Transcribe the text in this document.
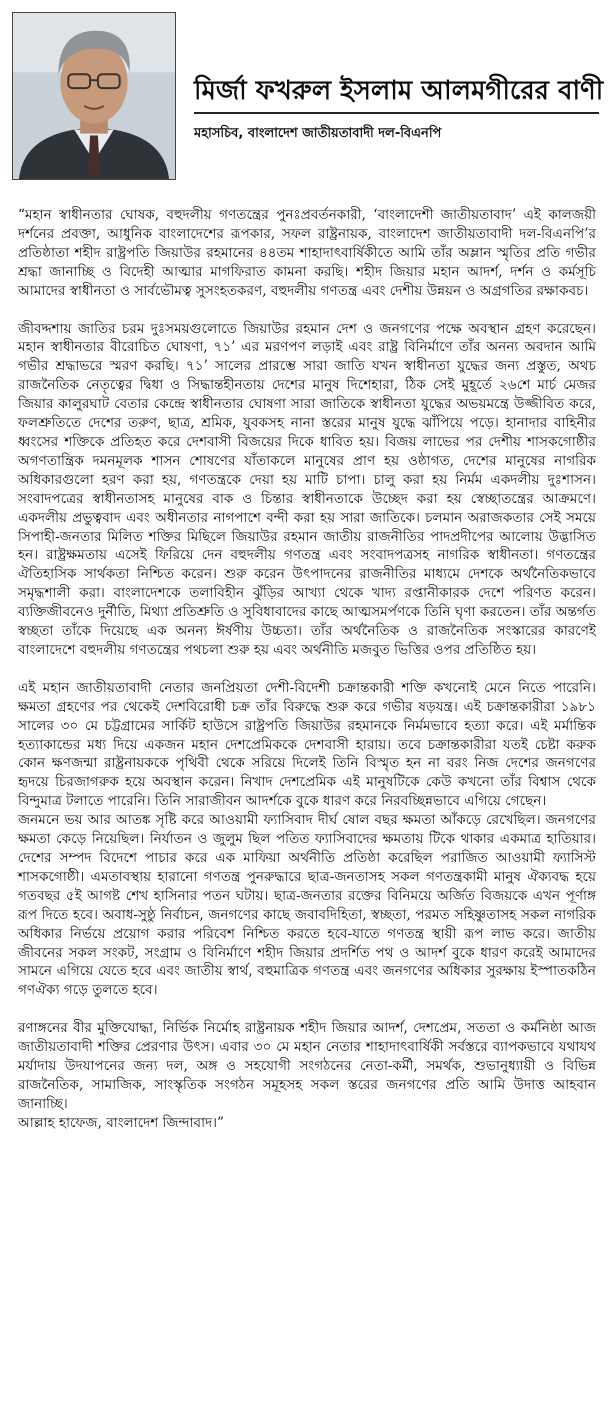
মির্জা ফখরুল ইসলাম আলমগীরের বাণী

মহাসচিব, বাংলাদেশ জাতীয়তাবাদী দল-বিএনপি

“মহান স্বাধীনতার ঘোষক, বহুদলীয় গণতন্ত্রের পুনঃপ্রবর্তনকারী, ‘বাংলাদেশী জাতীয়তাবাদ’ এই কালজয়ী দর্শনের প্রবক্তা, আধুনিক বাংলাদেশের রূপকার, সফল রাষ্ট্রনায়ক, বাংলাদেশ জাতীয়তাবাদী দল-বিএনপি’র প্রতিষ্ঠাতা শহীদ রাষ্ট্রপতি জিয়াউর রহমানের ৪৪তম শাহাদাৎবার্ষিকীতে আমি তাঁর অম্লান স্মৃতির প্রতি গভীর শ্রদ্ধা জানাচ্ছি ও বিদেহী আত্মার মাগফিরাত কামনা করছি। শহীদ জিয়ার মহান আদর্শ, দর্শন ও কর্মসূচি আমাদের স্বাধীনতা ও সার্বভৌমত্ব সুসংহতকরণ, বহুদলীয় গণতন্ত্র এবং দেশীয় উন্নয়ন ও অগ্রগতির রক্ষাকবচ।

জীবদ্দশায় জাতির চরম দুঃসময়গুলোতে জিয়াউর রহমান দেশ ও জনগণের পক্ষে অবস্থান গ্রহণ করেছেন। মহান স্বাধীনতার বীরোচিত ঘোষণা, ৭১’ এর মরণপণ লড়াই এবং রাষ্ট্র বিনির্মাণে তাঁর অনন্য অবদান আমি গভীর শ্রদ্ধাভরে স্মরণ করছি। ৭১’ সালের প্রারম্ভে সারা জাতি যখন স্বাধীনতা যুদ্ধের জন্য প্রস্তুত, অথচ রাজনৈতিক নেতৃত্বের দ্বিধা ও সিদ্ধান্তহীনতায় দেশের মানুষ দিশেহারা, ঠিক সেই মুহূর্তে ২৬শে মার্চ মেজর জিয়ার কালুরঘাট বেতার কেন্দ্রে স্বাধীনতার ঘোষণা সারা জাতিকে স্বাধীনতা যুদ্ধের অভয়মন্ত্রে উজ্জীবিত করে, ফলশ্রুতিতে দেশের তরুণ, ছাত্র, শ্রমিক, যুবকসহ নানা স্তরের মানুষ যুদ্ধে ঝাঁপিয়ে পড়ে। হানাদার বাহিনীর ধ্বংসের শক্তিকে প্রতিহত করে দেশবাসী বিজয়ের দিকে ধাবিত হয়। বিজয় লাভের পর দেশীয় শাসকগোষ্ঠীর অগণতান্ত্রিক দমনমূলক শাসন শোষণের যাঁতাকলে মানুষের প্রাণ হয় ওষ্ঠাগত, দেশের মানুষের নাগরিক অধিকারগুলো হরণ করা হয়, গণতন্ত্রকে দেয়া হয় মাটি চাপা। চালু করা হয় নির্মম একদলীয় দুঃশাসন। সংবাদপত্রের স্বাধীনতাসহ মানুষের বাক ও চিন্তার স্বাধীনতাকে উচ্ছেদ করা হয় স্বেচ্ছাতন্ত্রের আক্রমণে। একদলীয় প্রভুত্ববাদ এবং অধীনতার নাগপাশে বন্দী করা হয় সারা জাতিকে। চলমান অরাজকতার সেই সময়ে সিপাহী-জনতার মিলিত শক্তির মিছিলে জিয়াউর রহমান জাতীয় রাজনীতির পাদপ্রদীপের আলোয় উদ্ভাসিত হন। রাষ্ট্রক্ষমতায় এসেই ফিরিয়ে দেন বহুদলীয় গণতন্ত্র এবং সংবাদপত্রসহ নাগরিক স্বাধীনতা। গণতন্ত্রের ঐতিহাসিক সার্থকতা নিশ্চিত করেন। শুরু করেন উৎপাদনের রাজনীতির মাধ্যমে দেশকে অর্থনৈতিকভাবে সমৃদ্ধশালী করা। বাংলাদেশকে তলাবিহীন ঝুঁড়ির আখ্যা থেকে খাদ্য রপ্তানীকারক দেশে পরিণত করেন। ব্যক্তিজীবনেও দুর্নীতি, মিথ্যা প্রতিশ্রুতি ও সুবিধাবাদের কাছে আত্মসমর্পণকে তিনি ঘৃণা করতেন। তাঁর অন্তর্গত স্বচ্ছতা তাঁকে দিয়েছে এক অনন্য ঈর্ষণীয় উচ্চতা। তাঁর অর্থনৈতিক ও রাজনৈতিক সংস্কারের কারণেই বাংলাদেশে বহুদলীয় গণতন্ত্রের পথচলা শুরু হয় এবং অর্থনীতি মজবুত ভিত্তির ওপর প্রতিষ্ঠিত হয়।

এই মহান জাতীয়তাবাদী নেতার জনপ্রিয়তা দেশী-বিদেশী চক্রান্তকারী শক্তি কখনোই মেনে নিতে পারেনি। ক্ষমতা গ্রহণের পর থেকেই দেশবিরোধী চক্র তাঁর বিরুদ্ধে শুরু করে গভীর ষড়যন্ত্র। এই চক্রান্তকারীরা ১৯৮১ সালের ৩০ মে চট্টগ্রামের সার্কিট হাউসে রাষ্ট্রপতি জিয়াউর রহমানকে নির্মমভাবে হত্যা করে। এই মর্মান্তিক হত্যাকান্ডের মধ্য দিয়ে একজন মহান দেশপ্রেমিককে দেশবাসী হারায়। তবে চক্রান্তকারীরা যতই চেষ্টা করুক কোন ক্ষণজন্মা রাষ্ট্রনায়ককে পৃথিবী থেকে সরিয়ে দিলেই তিনি বিস্মৃত হন না বরং নিজ দেশের জনগণের হৃদয়ে চিরজাগরুক হয়ে অবস্থান করেন। নিখাদ দেশপ্রেমিক এই মানুষটিকে কেউ কখনো তাঁর বিশ্বাস থেকে বিন্দুমাত্র টলাতে পারেনি। তিনি সারাজীবন আদর্শকে বুকে ধারণ করে নিরবচ্ছিন্নভাবে এগিয়ে গেছেন।

জনমনে ভয় আর আতঙ্ক সৃষ্টি করে আওয়ামী ফ্যাসিবাদ দীর্ঘ ষোল বছর ক্ষমতা আঁকড়ে রেখেছিল। জনগণের ক্ষমতা কেড়ে নিয়েছিল। নির্যাতন ও জুলুম ছিল পতিত ফ্যাসিবাদের ক্ষমতায় টিকে থাকার একমাত্র হাতিয়ার। দেশের সম্পদ বিদেশে পাচার করে এক মাফিয়া অর্থনীতি প্রতিষ্ঠা করেছিল পরাজিত আওয়ামী ফ্যাসিস্ট শাসকগোষ্ঠী। এমতাবস্থায় হারানো গণতন্ত্র পুনরুদ্ধারে ছাত্র-জনতাসহ সকল গণতন্ত্রকামী মানুষ ঐক্যবদ্ধ হয়ে গতবছর ৫ই আগষ্ট শেখ হাসিনার পতন ঘটায়। ছাত্র-জনতার রক্তের বিনিময়ে অর্জিত বিজয়কে এখন পূর্ণাঙ্গ রূপ দিতে হবে। অবাধ-সুষ্ঠু নির্বাচন, জনগণের কাছে জবাবদিহিতা, স্বচ্ছতা, পরমত সহিষ্ণুতাসহ সকল নাগরিক অধিকার নির্ভয়ে প্রয়োগ করার পরিবেশ নিশ্চিত করতে হবে-যাতে গণতন্ত্র স্থায়ী রূপ লাভ করে। জাতীয় জীবনের সকল সংকট, সংগ্রাম ও বিনির্মাণে শহীদ জিয়ার প্রদর্শিত পথ ও আদর্শ বুকে ধারণ করেই আমাদের সামনে এগিয়ে যেতে হবে এবং জাতীয় স্বার্থ, বহুমাত্রিক গণতন্ত্র এবং জনগণের অধিকার সুরক্ষায় ইস্পাতকঠিন গণঐক্য গড়ে তুলতে হবে।

রণাঙ্গনের বীর মুক্তিযোদ্ধা, নির্ভিক নির্মোহ রাষ্ট্রনায়ক শহীদ জিয়ার আদর্শ, দেশপ্রেম, সততা ও কর্মনিষ্ঠা আজ জাতীয়তাবাদী শক্তির প্রেরণার উৎস। এবার ৩০ মে মহান নেতার শাহাদাৎবার্ষিকী সর্বস্তরে ব্যাপকভাবে যথাযথ মর্যাদায় উদযাপনের জন্য দল, অঙ্গ ও সহযোগী সংগঠনের নেতা-কর্মী, সমর্থক, শুভানুধ্যায়ী ও বিভিন্ন রাজনৈতিক, সামাজিক, সাংস্কৃতিক সংগঠন সমূহসহ সকল স্তরের জনগণের প্রতি আমি উদাত্ত আহবান জানাচ্ছি।

আল্লাহ হাফেজ, বাংলাদেশ জিন্দাবাদ।”
